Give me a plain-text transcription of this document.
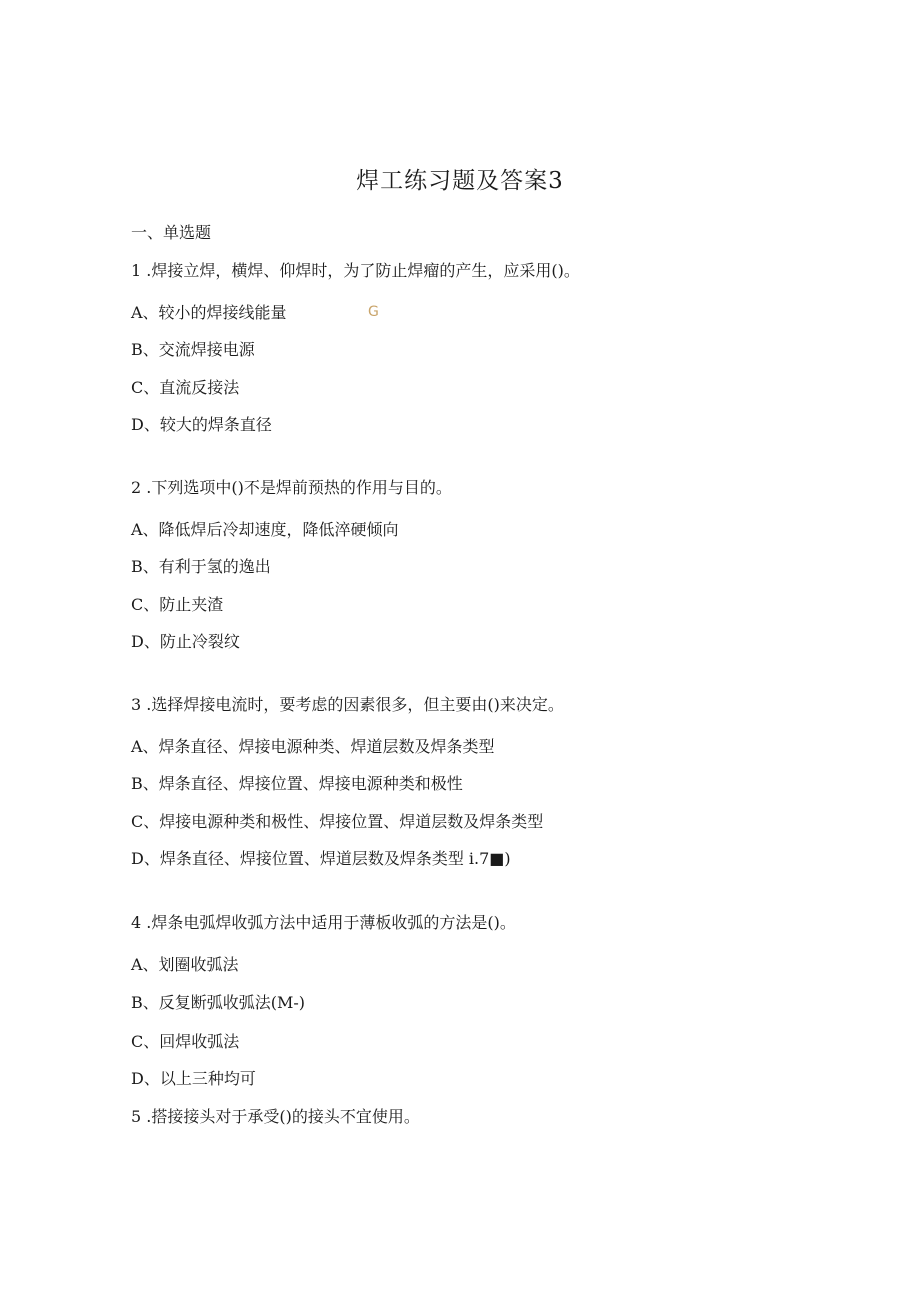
焊工练习题及答案3
一、单选题
1 .焊接立焊，横焊、仰焊时，为了防止焊瘤的产生，应采用()。
A、较小的焊接线能量	G
B、交流焊接电源
C、直流反接法
D、较大的焊条直径
2 .下列选项中()不是焊前预热的作用与目的。
A、降低焊后冷却速度，降低淬硬倾向
B、有利于氢的逸出
C、防止夹渣
D、防止冷裂纹
3 .选择焊接电流时，要考虑的因素很多，但主要由()来决定。
A、焊条直径、焊接电源种类、焊道层数及焊条类型
B、焊条直径、焊接位置、焊接电源种类和极性
C、焊接电源种类和极性、焊接位置、焊道层数及焊条类型
D、焊条直径、焊接位置、焊道层数及焊条类型 i.7■)
4 .焊条电弧焊收弧方法中适用于薄板收弧的方法是()。
A、划圈收弧法
B、反复断弧收弧法(M-)
C、回焊收弧法
D、以上三种均可
5 .搭接接头对于承受()的接头不宜使用。
